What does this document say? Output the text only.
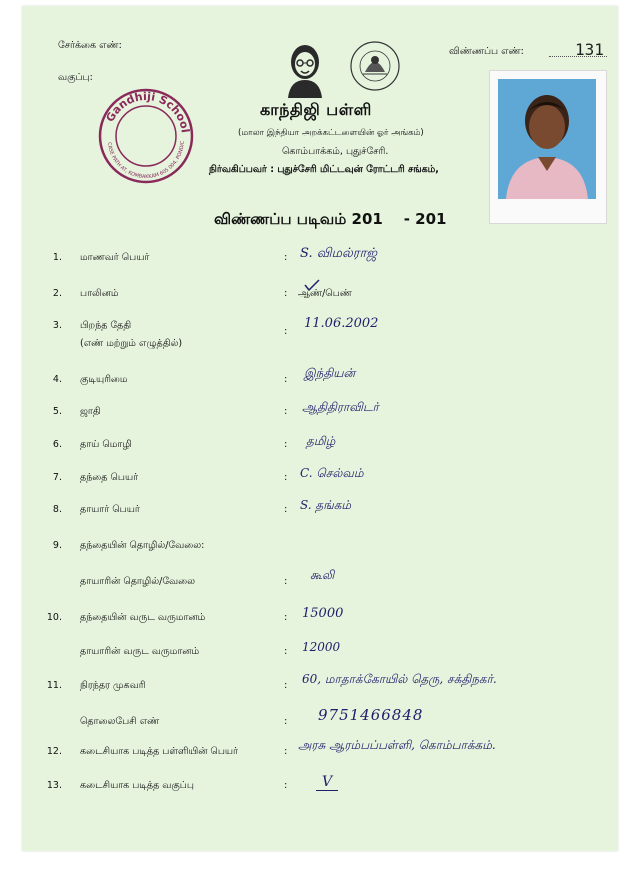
சேர்க்கை எண்:
வகுப்பு:
விண்ணப்ப எண்:	131
Gandhiji School
CASE PATH AT, KOMBAKKAM 605 004, PONDIC
காந்திஜி பள்ளி
(மாலா இந்தியா அறக்கட்டளையின் ஓர் அங்கம்)
கொம்பாக்கம், புதுச்சேரி.
நிர்வகிப்பவர் : புதுச்சேரி மிட்டவுன் ரோட்டரி சங்கம்,
விண்ணப்ப படிவம் 201    - 201
1. மாணவர் பெயர்	: S. விமல்ராஜ்
2. பாலினம்	: ஆண்/பெண்
3. பிறந்த தேதி
(எண் மற்றும் எழுத்தில்)
:
11.06.2002
4. குடியுரிமை	: இந்தியன்
5. ஜாதி	: ஆதிதிராவிடர்
6. தாய் மொழி	: தமிழ்
7. தந்தை பெயர்	: C. செல்வம்
8. தாயார் பெயர்	: S. தங்கம்
9. தந்தையின் தொழில்/வேலை:
தாயாரின் தொழில்/வேலை	: கூலி
10. தந்தையின் வருட வருமானம்	: 15000
தாயாரின் வருட வருமானம்	: 12000
11. நிரந்தர முகவரி	: 60, மாதாக்கோயில் தெரு, சக்திநகர்.
தொலைபேசி எண்	: 9751466848
12. கடைசியாக படித்த பள்ளியின் பெயர்	: அரசு ஆரம்பப்பள்ளி, கொம்பாக்கம்.
13. கடைசியாக படித்த வகுப்பு	:	V
